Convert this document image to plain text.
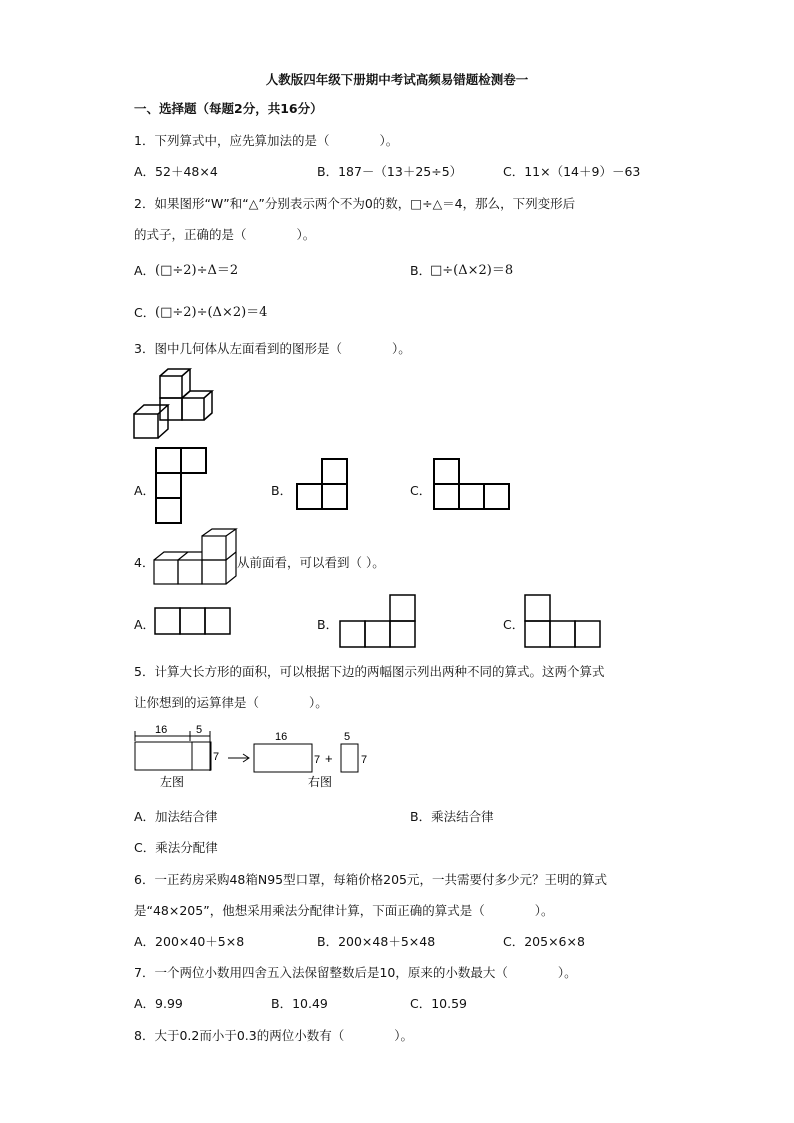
人教版四年级下册期中考试高频易错题检测卷一
一、选择题（每题2分，共16分）
1．下列算式中，应先算加法的是（　　　　）。
A．52＋48×4	B．187－（13＋25÷5）	C．11×（14＋9）－63
2．如果图形“W”和“△”分别表示两个不为0的数，□÷△＝4，那么，下列变形后
的式子，正确的是（　　　　）。
A． (□÷2)÷Δ＝2	B．
□÷(Δ×2)＝8
C． (□÷2)÷(Δ×2)＝4
3．图中几何体从左面看到的图形是（　　　　）。
A．	B．	C．
4．	从前面看，可以看到（ ）。
A．	B．	C．
5．计算大长方形的面积，可以根据下边的两幅图示列出两种不同的算式。这两个算式
让你想到的运算律是（　　　　）。
16	5
7
16
7 +
5
7
左图	右图
A．加法结合律	B．乘法结合律
C．乘法分配律
6．一正药房采购48箱N95型口罩，每箱价格205元，一共需要付多少元？王明的算式
是“48×205”，他想采用乘法分配律计算，下面正确的算式是（　　　　）。
A．200×40＋5×8	B．200×48＋5×48	C．205×6×8
7．一个两位小数用四舍五入法保留整数后是10，原来的小数最大（　　　　）。
A．9.99	B．10.49	C．10.59
8．大于0.2而小于0.3的两位小数有（　　　　）。
